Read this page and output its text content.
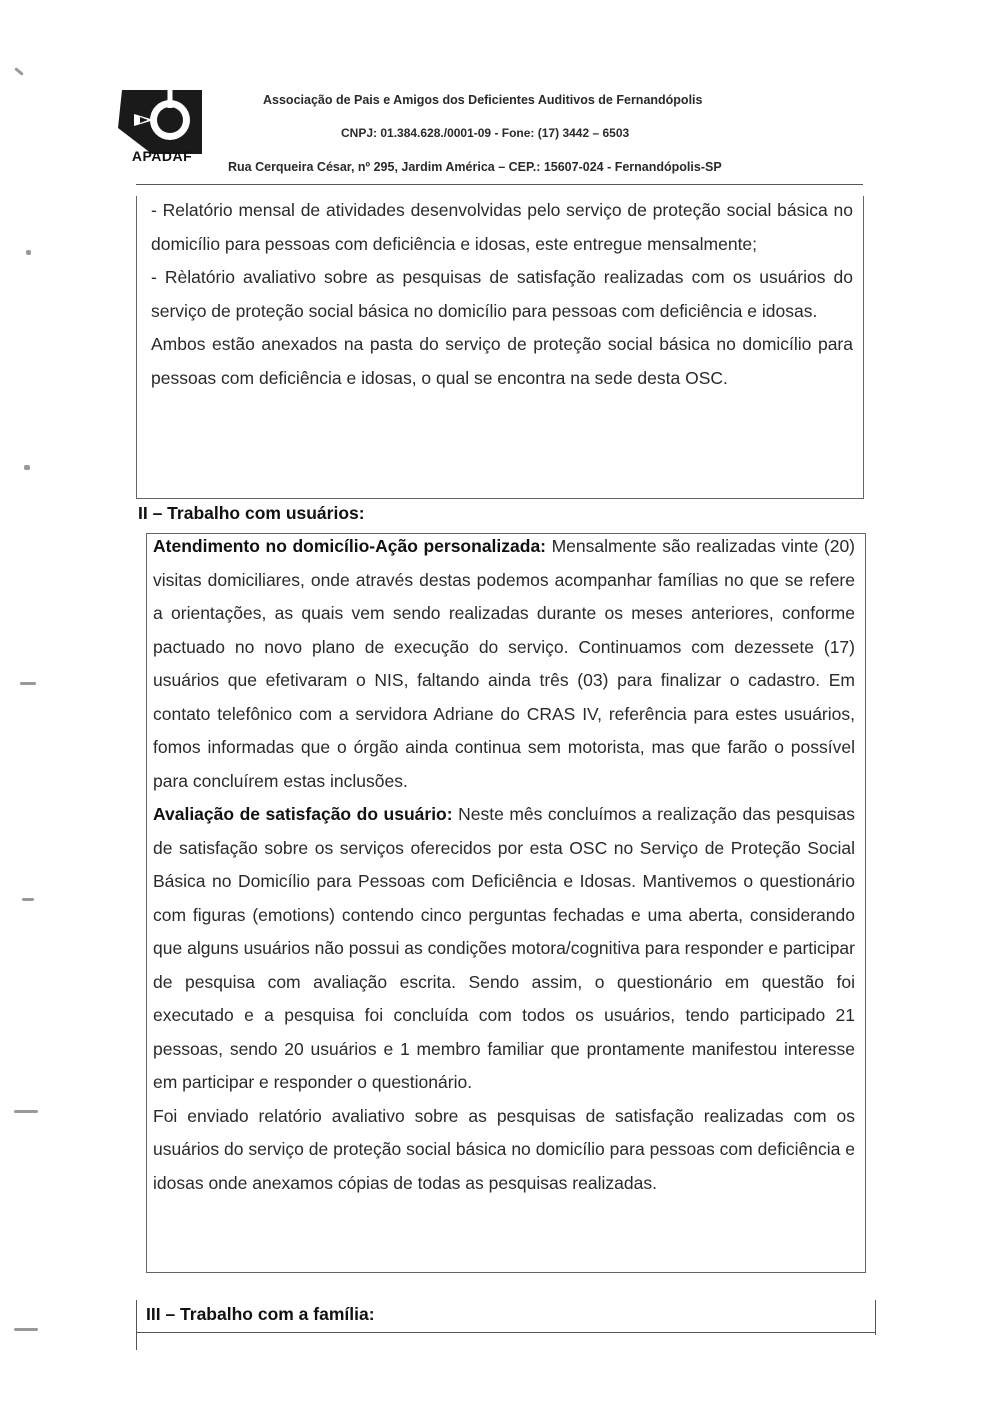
APADAF
Associação de Pais e Amigos dos Deficientes Auditivos de Fernandópolis
CNPJ: 01.384.628./0001-09 - Fone: (17) 3442 – 6503
Rua Cerqueira César, nº 295, Jardim América – CEP.: 15607-024 - Fernandópolis-SP

- Relatório mensal de atividades desenvolvidas pelo serviço de proteção social básica no domicílio para pessoas com deficiência e idosas, este entregue mensalmente;

- Rèlatório avaliativo sobre as pesquisas de satisfação realizadas com os usuários do serviço de proteção social básica no domicílio para pessoas com deficiência e idosas.

Ambos estão anexados na pasta do serviço de proteção social básica no domicílio para pessoas com deficiência e idosas, o qual se encontra na sede desta OSC.

II – Trabalho com usuários:

Atendimento no domicílio-Ação personalizada: Mensalmente são realizadas vinte (20) visitas domiciliares, onde através destas podemos acompanhar famílias no que se refere a orientações, as quais vem sendo realizadas durante os meses anteriores, conforme pactuado no novo plano de execução do serviço. Continuamos com dezessete (17) usuários que efetivaram o NIS, faltando ainda três (03) para finalizar o cadastro. Em contato telefônico com a servidora Adriane do CRAS IV, referência para estes usuários, fomos informadas que o órgão ainda continua sem motorista, mas que farão o possível para concluírem estas inclusões.

Avaliação de satisfação do usuário: Neste mês concluímos a realização das pesquisas de satisfação sobre os serviços oferecidos por esta OSC no Serviço de Proteção Social Básica no Domicílio para Pessoas com Deficiência e Idosas. Mantivemos o questionário com figuras (emotions) contendo cinco perguntas fechadas e uma aberta, considerando que alguns usuários não possui as condições motora/cognitiva para responder e participar de pesquisa com avaliação escrita. Sendo assim, o questionário em questão foi executado e a pesquisa foi concluída com todos os usuários, tendo participado 21 pessoas, sendo 20 usuários e 1 membro familiar que prontamente manifestou interesse em participar e responder o questionário.

Foi enviado relatório avaliativo sobre as pesquisas de satisfação realizadas com os usuários do serviço de proteção social básica no domicílio para pessoas com deficiência e idosas onde anexamos cópias de todas as pesquisas realizadas.

III – Trabalho com a família:
